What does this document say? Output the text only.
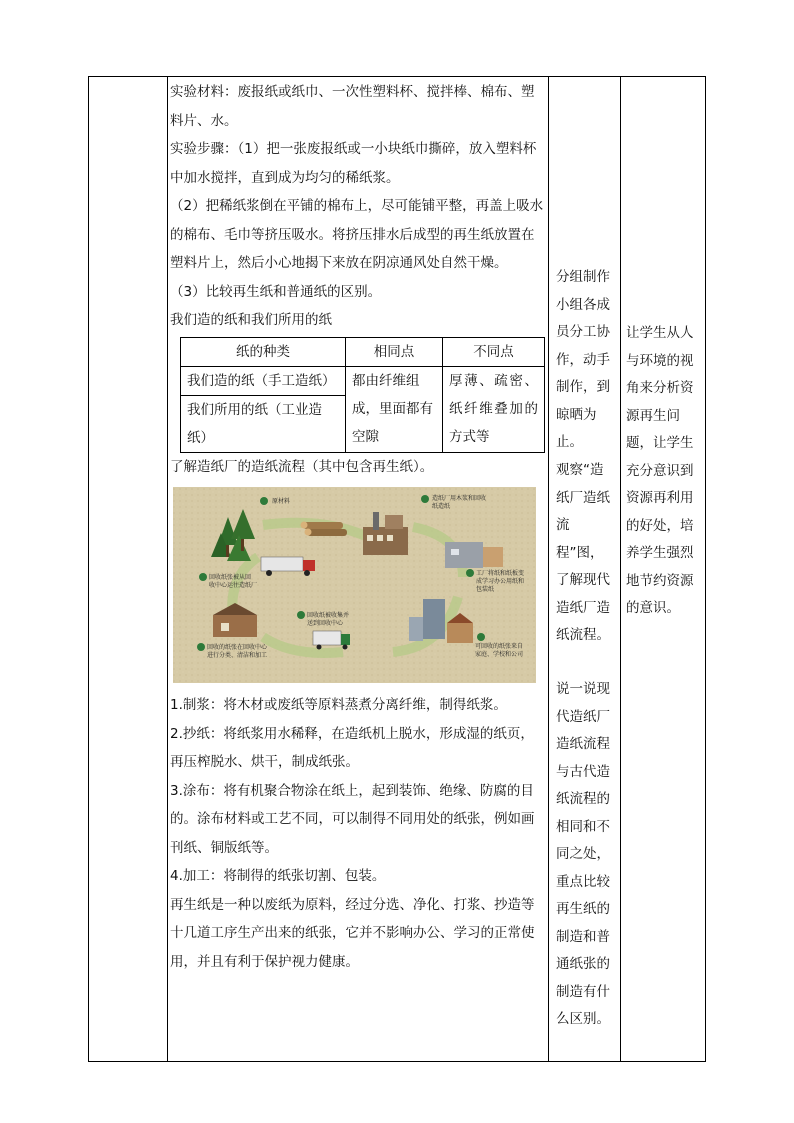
实验材料：废报纸或纸巾、一次性塑料杯、搅拌棒、棉布、塑料片、水。

实验步骤：（1）把一张废报纸或一小块纸巾撕碎，放入塑料杯中加水搅拌，直到成为均匀的稀纸浆。

（2）把稀纸浆倒在平铺的棉布上，尽可能铺平整，再盖上吸水的棉布、毛巾等挤压吸水。将挤压排水后成型的再生纸放置在塑料片上，然后小心地揭下来放在阴凉通风处自然干燥。

（3）比较再生纸和普通纸的区别。

我们造的纸和我们所用的纸

纸的种类	相同点	不同点
我们造的纸（手工造纸）	都由纤维组成，里面都有空隙	厚薄、疏密、纸纤维叠加的方式等
我们所用的纸（工业造纸）		

了解造纸厂的造纸流程（其中包含再生纸）。

原材料	造纸厂用木浆和回收
纸造纸
工厂将纸和纸板变
成学习办公用纸和
包装纸
可回收的纸张来自
家庭、学校和公司
回收纸被收集并
送到回收中心
回收的纸张在回收中心
进行分类、清洁和加工
回收纸张被从回
收中心运往造纸厂

1.制浆：将木材或废纸等原料蒸煮分离纤维，制得纸浆。

2.抄纸：将纸浆用水稀释，在造纸机上脱水，形成湿的纸页，再压榨脱水、烘干，制成纸张。

3.涂布：将有机聚合物涂在纸上，起到装饰、绝缘、防腐的目的。涂布材料或工艺不同，可以制得不同用处的纸张，例如画刊纸、铜版纸等。

4.加工：将制得的纸张切割、包装。

再生纸是一种以废纸为原料，经过分选、净化、打浆、抄造等十几道工序生产出来的纸张，它并不影响办公、学习的正常使用，并且有利于保护视力健康。

分组制作小组各成员分工协作，动手制作，到晾晒为止。

观察“造纸厂造纸流程”图，了解现代造纸厂造纸流程。

说一说现代造纸厂造纸流程与古代造纸流程的相同和不同之处，重点比较再生纸的制造和普通纸张的制造有什么区别。

让学生从人与环境的视角来分析资源再生问题，让学生充分意识到资源再利用的好处，培养学生强烈地节约资源的意识。
